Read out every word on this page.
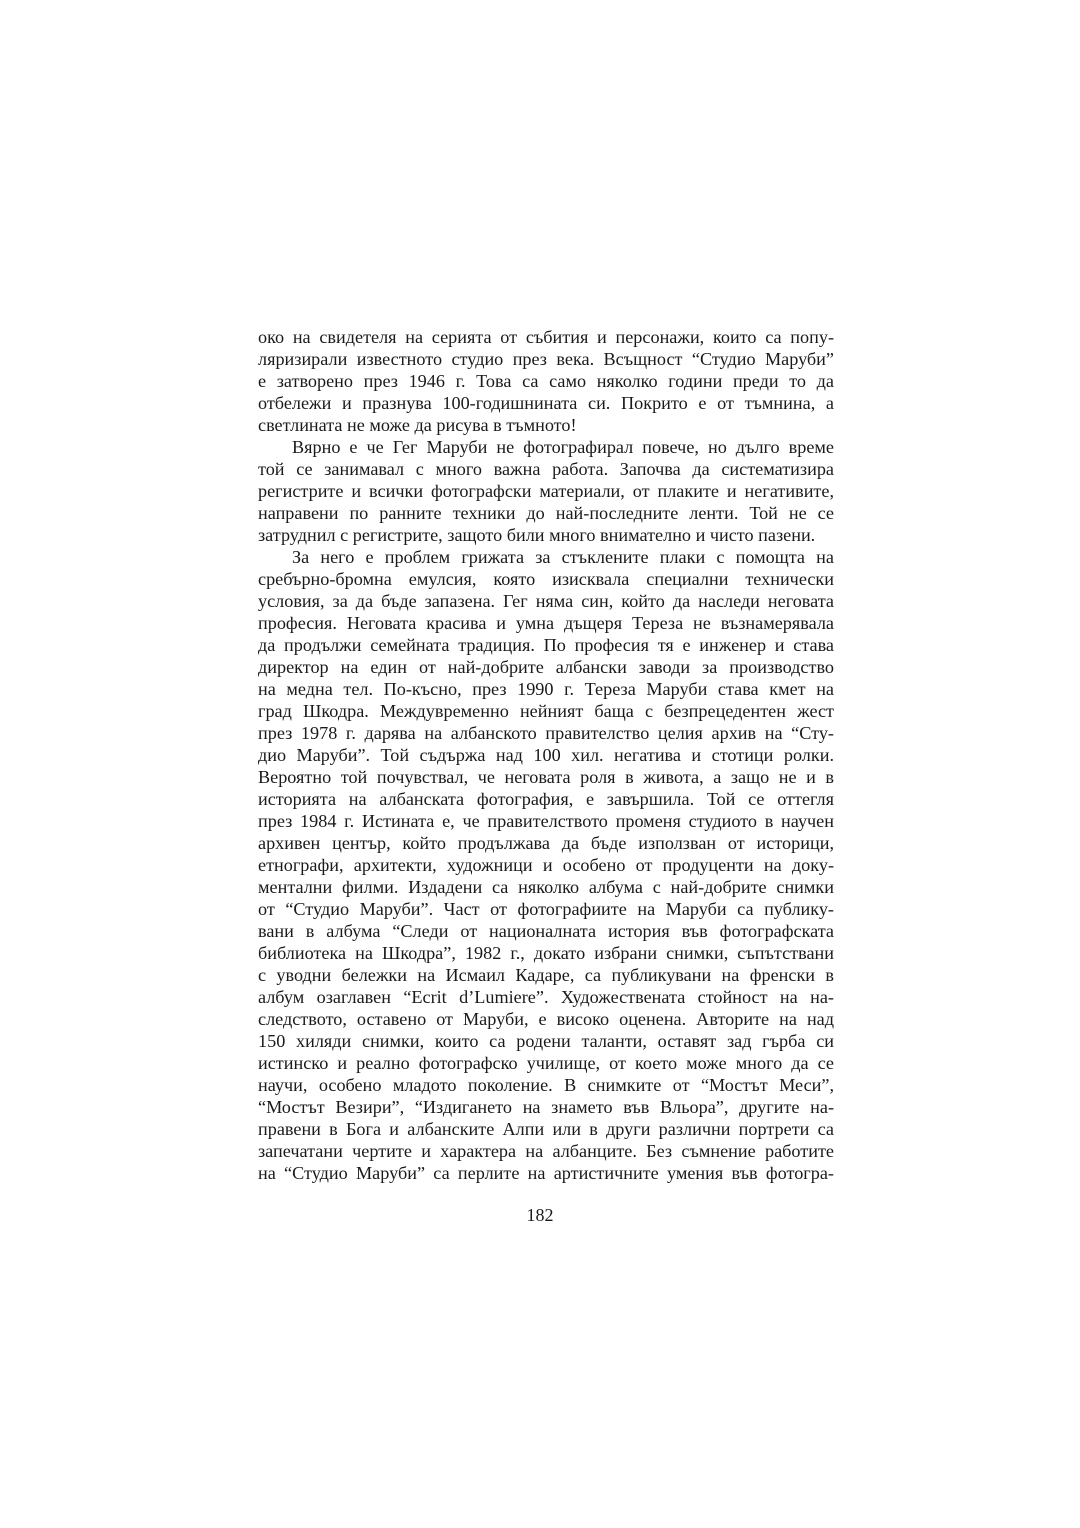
око на свидетеля на серията от събития и персонажи, които са попу-
ляризирали известното студио през века. Всъщност “Студио Маруби”
е затворено през 1946 г. Това са само няколко години преди то да
отбележи и празнува 100-годишнината си. Покрито е от тъмнина, а
светлината не може да рисува в тъмното!
Вярно е че Гег Маруби не фотографирал повече, но дълго време
той се занимавал с много важна работа. Започва да систематизира
регистрите и всички фотографски материали, от плаките и негативите,
направени по ранните техники до най-последните ленти. Той не се
затруднил с регистрите, защото били много внимателно и чисто пазени.
За него е проблем грижата за стъклените плаки с помощта на
сребърно-бромна емулсия, която изисквала специални технически
условия, за да бъде запазена. Гег няма син, който да наследи неговата
професия. Неговата красива и умна дъщеря Тереза не възнамерявала
да продължи семейната традиция. По професия тя е инженер и става
директор на един от най-добрите албански заводи за производство
на медна тел. По-късно, през 1990 г. Тереза Маруби става кмет на
град Шкодра. Междувременно нейният баща с безпрецедентен жест
през 1978 г. дарява на албанското правителство целия архив на “Сту-
дио Маруби”. Той съдържа над 100 хил. негатива и стотици ролки.
Вероятно той почувствал, че неговата роля в живота, а защо не и в
историята на албанската фотография, е завършила. Той се оттегля
през 1984 г. Истината е, че правителството променя студиото в научен
архивен център, който продължава да бъде използван от историци,
етнографи, архитекти, художници и особено от продуценти на доку-
ментални филми. Издадени са няколко албума с най-добрите снимки
от “Студио Маруби”. Част от фотографиите на Маруби са публику-
вани в албума “Следи от националната история във фотографската
библиотека на Шкодра”, 1982 г., докато избрани снимки, съпътствани
с уводни бележки на Исмаил Кадаре, са публикувани на френски в
албум озаглавен “Ecrit d’Lumiere”. Художествената стойност на на-
следството, оставено от Маруби, е високо оценена. Авторите на над
150 хиляди снимки, които са родени таланти, оставят зад гърба си
истинско и реално фотографско училище, от което може много да се
научи, особено младото поколение. В снимките от “Мостът Меси”,
“Мостът Везири”, “Издигането на знамето във Вльора”, другите на-
правени в Бога и албанските Алпи или в други различни портрети са
запечатани чертите и характера на албанците. Без съмнение работите
на “Студио Маруби” са перлите на артистичните умения във фотогра-
182
